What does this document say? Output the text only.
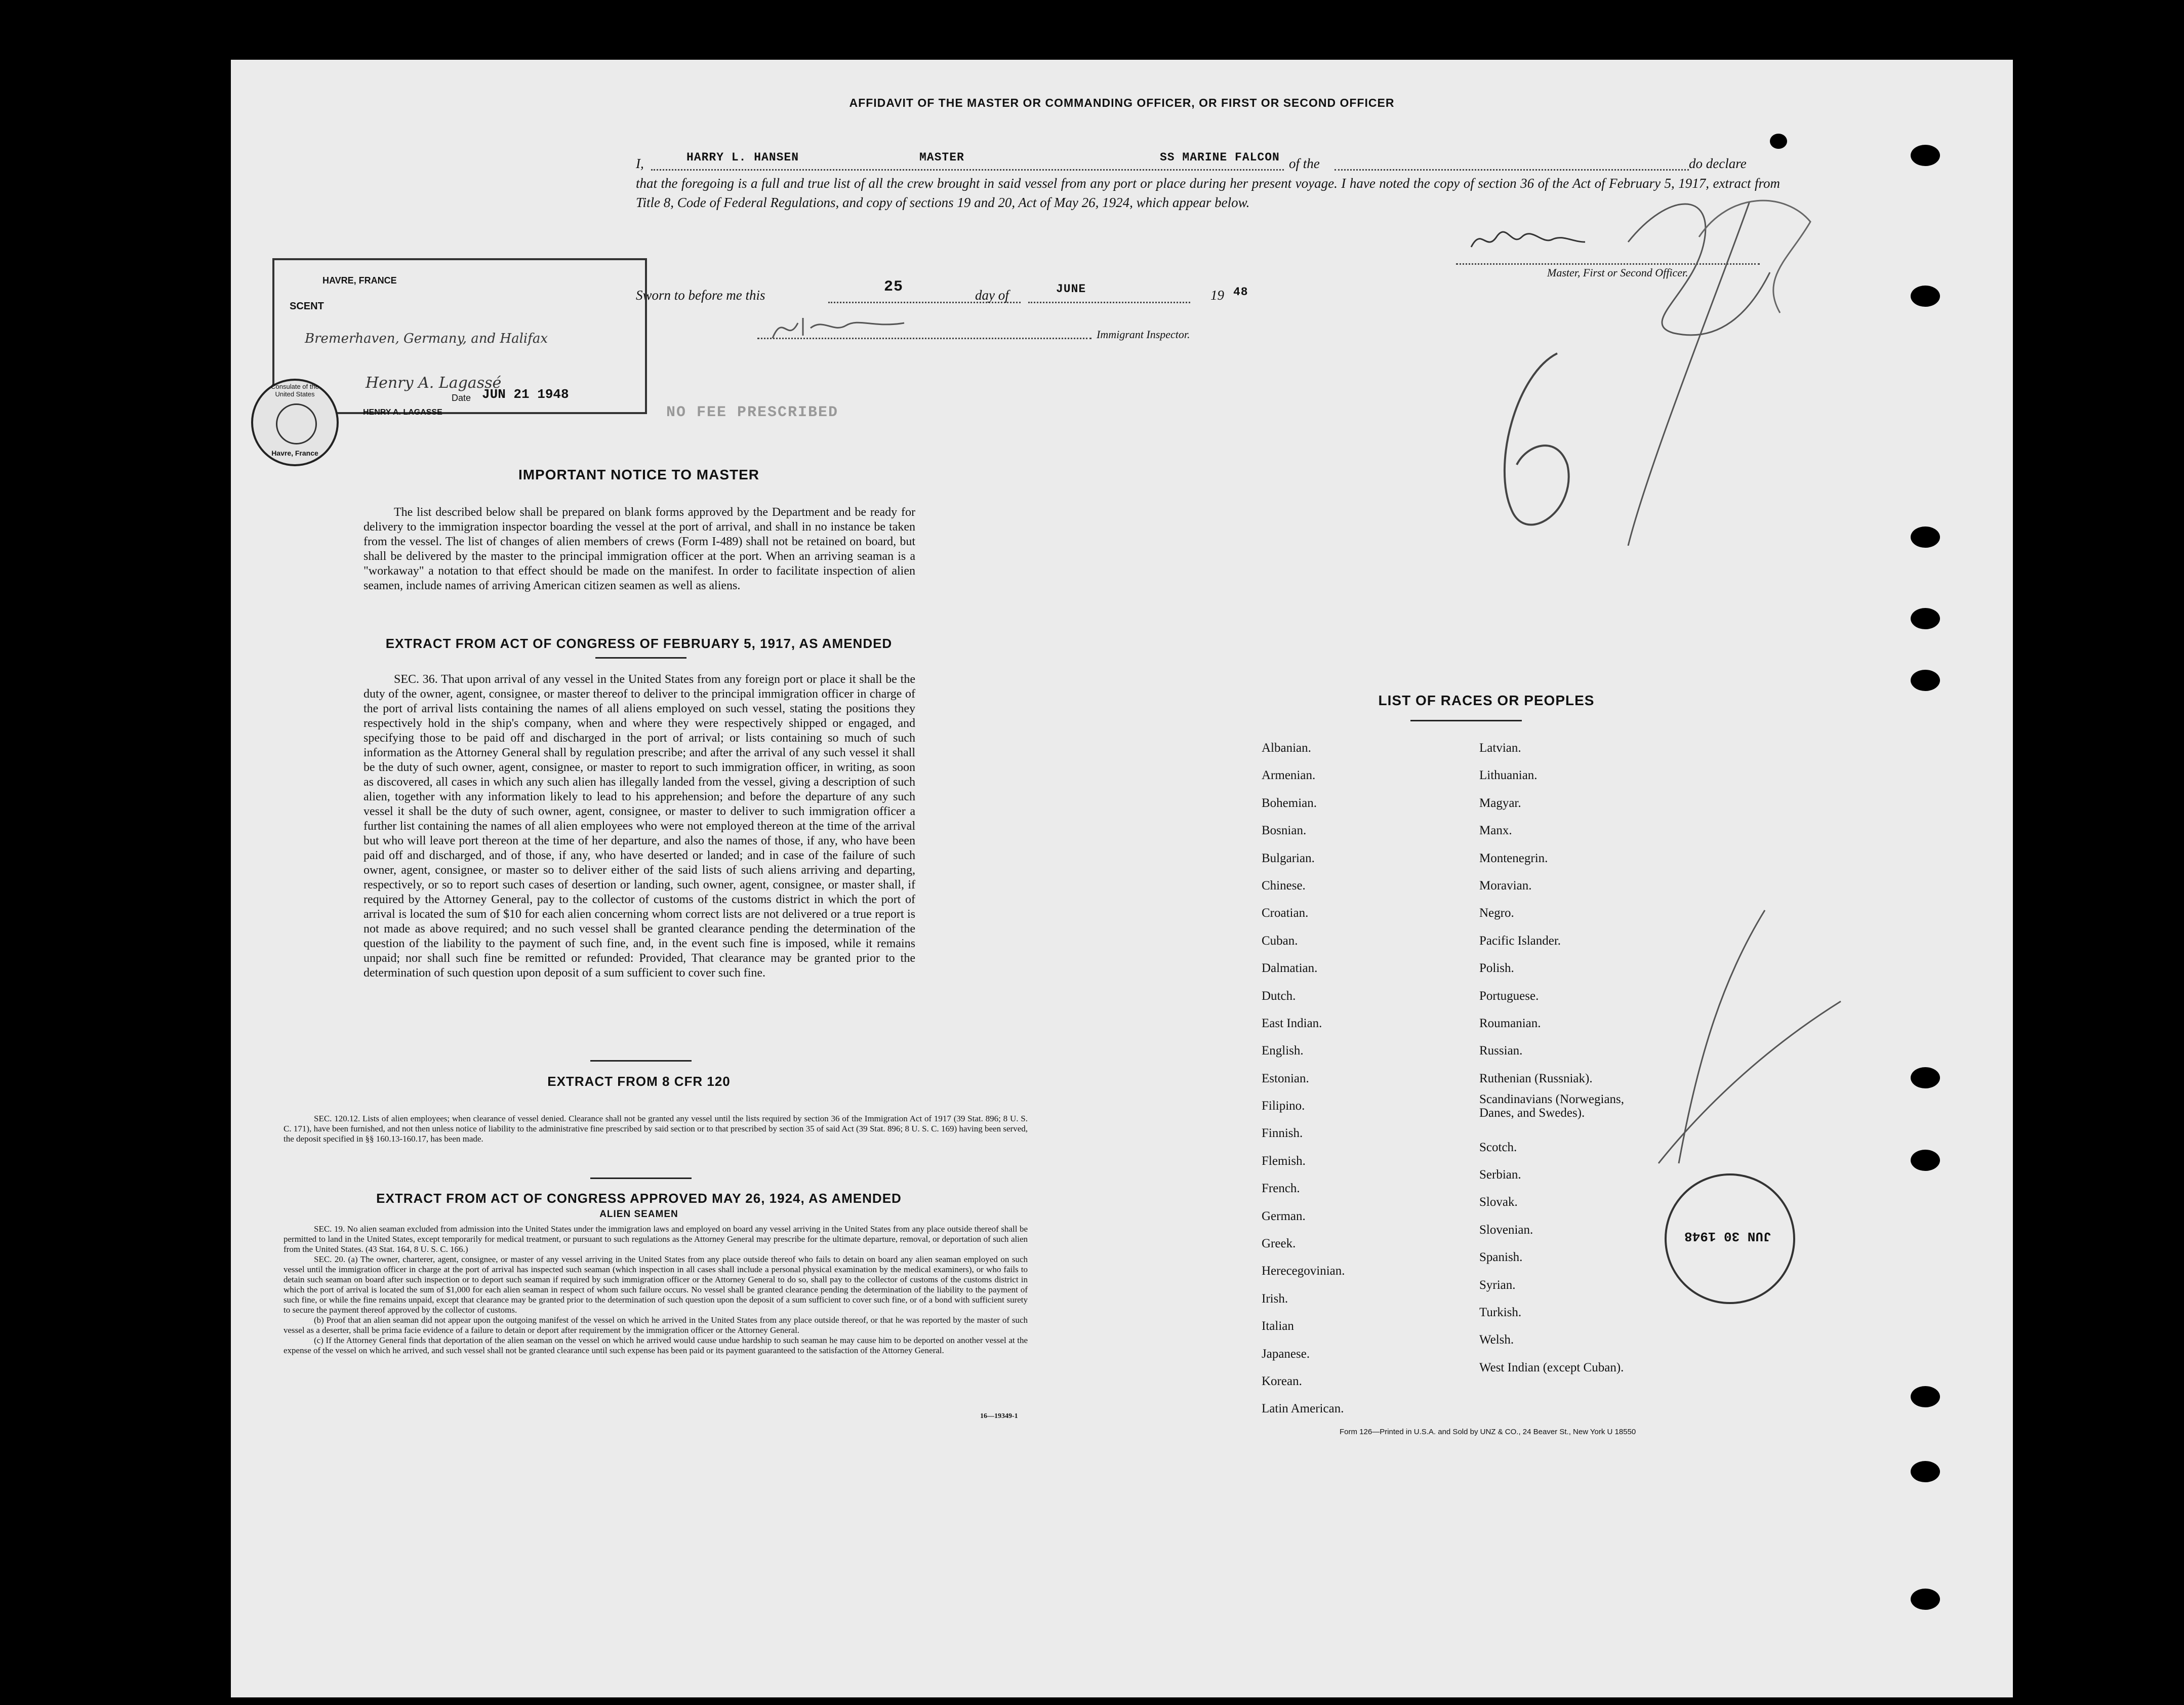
AFFIDAVIT OF THE MASTER OR COMMANDING OFFICER, OR FIRST OR SECOND OFFICER
I,	HARRY L. HANSEN	MASTER	of the
SS MARINE FALCON	do declare
that the foregoing is a full and true list of all the crew brought in said vessel from any port or place during her present voyage. I have noted the copy of section 36 of the Act of February 5, 1917, extract from Title 8, Code of Federal Regulations, and copy of sections 19 and 20, Act of May 26, 1924, which appear below.
Master, First or Second Officer.
Sworn to before me this	25	day of	JUNE	19 48
Immigrant Inspector.
HAVRE, FRANCE
SCENT
Bremerhaven, Germany, and Halifax
Henry A. Lagassé
Date JUN 21 1948
HENRY A. LAGASSE
Consulate of the United States
Havre, France
NO FEE PRESCRIBED
IMPORTANT NOTICE TO MASTER
The list described below shall be prepared on blank forms approved by the Department and be ready for delivery to the immigration inspector boarding the vessel at the port of arrival, and shall in no instance be taken from the vessel. The list of changes of alien members of crews (Form I-489) shall not be retained on board, but shall be delivered by the master to the principal immigration officer at the port. When an arriving seaman is a "workaway" a notation to that effect should be made on the manifest. In order to facilitate inspection of alien seamen, include names of arriving American citizen seamen as well as aliens.
EXTRACT FROM ACT OF CONGRESS OF FEBRUARY 5, 1917, AS AMENDED
SEC. 36. That upon arrival of any vessel in the United States from any foreign port or place it shall be the duty of the owner, agent, consignee, or master thereof to deliver to the principal immigration officer in charge of the port of arrival lists containing the names of all aliens employed on such vessel, stating the positions they respectively hold in the ship's company, when and where they were respectively shipped or engaged, and specifying those to be paid off and discharged in the port of arrival; or lists containing so much of such information as the Attorney General shall by regulation prescribe; and after the arrival of any such vessel it shall be the duty of such owner, agent, consignee, or master to report to such immigration officer, in writing, as soon as discovered, all cases in which any such alien has illegally landed from the vessel, giving a description of such alien, together with any information likely to lead to his apprehension; and before the departure of any such vessel it shall be the duty of such owner, agent, consignee, or master to deliver to such immigration officer a further list containing the names of all alien employees who were not employed thereon at the time of the arrival but who will leave port thereon at the time of her departure, and also the names of those, if any, who have been paid off and discharged, and of those, if any, who have deserted or landed; and in case of the failure of such owner, agent, consignee, or master so to deliver either of the said lists of such aliens arriving and departing, respectively, or so to report such cases of desertion or landing, such owner, agent, consignee, or master shall, if required by the Attorney General, pay to the collector of customs of the customs district in which the port of arrival is located the sum of $10 for each alien concerning whom correct lists are not delivered or a true report is not made as above required; and no such vessel shall be granted clearance pending the determination of the question of the liability to the payment of such fine, and, in the event such fine is imposed, while it remains unpaid; nor shall such fine be remitted or refunded: Provided, That clearance may be granted prior to the determination of such question upon deposit of a sum sufficient to cover such fine.
EXTRACT FROM 8 CFR 120
SEC. 120.12. Lists of alien employees; when clearance of vessel denied. Clearance shall not be granted any vessel until the lists required by section 36 of the Immigration Act of 1917 (39 Stat. 896; 8 U. S. C. 171), have been furnished, and not then unless notice of liability to the administrative fine prescribed by said section or to that prescribed by section 35 of said Act (39 Stat. 896; 8 U. S. C. 169) having been served, the deposit specified in §§ 160.13-160.17, has been made.
EXTRACT FROM ACT OF CONGRESS APPROVED MAY 26, 1924, AS AMENDED
ALIEN SEAMEN
SEC. 19. No alien seaman excluded from admission into the United States under the immigration laws and employed on board any vessel arriving in the United States from any place outside thereof shall be permitted to land in the United States, except temporarily for medical treatment, or pursuant to such regulations as the Attorney General may prescribe for the ultimate departure, removal, or deportation of such alien from the United States. (43 Stat. 164, 8 U. S. C. 166.)
SEC. 20. (a) The owner, charterer, agent, consignee, or master of any vessel arriving in the United States from any place outside thereof who fails to detain on board any alien seaman employed on such vessel until the immigration officer in charge at the port of arrival has inspected such seaman (which inspection in all cases shall include a personal physical examination by the medical examiners), or who fails to detain such seaman on board after such inspection or to deport such seaman if required by such immigration officer or the Attorney General to do so, shall pay to the collector of customs of the customs district in which the port of arrival is located the sum of $1,000 for each alien seaman in respect of whom such failure occurs. No vessel shall be granted clearance pending the determination of the liability to the payment of such fine, or while the fine remains unpaid, except that clearance may be granted prior to the determination of such question upon the deposit of a sum sufficient to cover such fine, or of a bond with sufficient surety to secure the payment thereof approved by the collector of customs.
(b) Proof that an alien seaman did not appear upon the outgoing manifest of the vessel on which he arrived in the United States from any place outside thereof, or that he was reported by the master of such vessel as a deserter, shall be prima facie evidence of a failure to detain or deport after requirement by the immigration officer or the Attorney General.
(c) If the Attorney General finds that deportation of the alien seaman on the vessel on which he arrived would cause undue hardship to such seaman he may cause him to be deported on another vessel at the expense of the vessel on which he arrived, and such vessel shall not be granted clearance until such expense has been paid or its payment guaranteed to the satisfaction of the Attorney General.
16—19349-1
LIST OF RACES OR PEOPLES
Albanian.
Armenian.
Bohemian.
Bosnian.
Bulgarian.
Chinese.
Croatian.
Cuban.
Dalmatian.
Dutch.
East Indian.
English.
Estonian.
Filipino.
Finnish.
Flemish.
French.
German.
Greek.
Herecegovinian.
Irish.
Italian
Japanese.
Korean.
Latin American.
Latvian.
Lithuanian.
Magyar.
Manx.
Montenegrin.
Moravian.
Negro.
Pacific Islander.
Polish.
Portuguese.
Roumanian.
Russian.
Ruthenian (Russniak).
Scandinavians (Norwegians, Danes, and Swedes).
Scotch.
Serbian.
Slovak.
Slovenian.
Spanish.
Syrian.
Turkish.
Welsh.
West Indian (except Cuban).
Form 126—Printed in U.S.A. and Sold by UNZ & CO., 24 Beaver St., New York U 18550
JUN 30 1948
